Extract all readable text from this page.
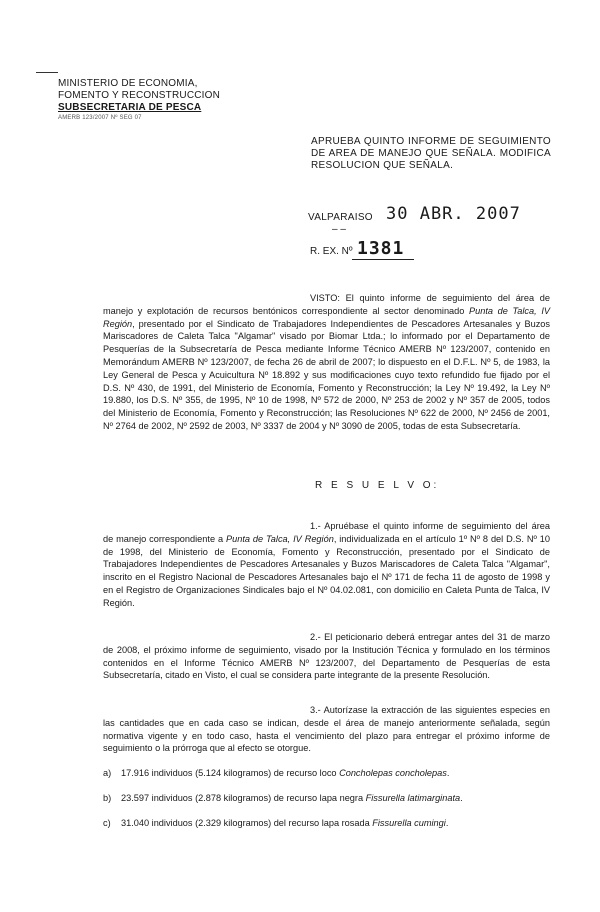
MINISTERIO DE ECONOMIA,
FOMENTO Y RECONSTRUCCION
SUBSECRETARIA DE PESCA
AMERB 123/2007 Nº SEG 07
APRUEBA QUINTO INFORME DE SEGUIMIENTO DE AREA DE MANEJO QUE SEÑALA. MODIFICA RESOLUCION QUE SEÑALA.
VALPARAISO 30 ABR. 2007
– –
R. EX. Nº 1381

VISTO: El quinto informe de seguimiento del área de manejo y explotación de recursos bentónicos correspondiente al sector denominado Punta de Talca, IV Región, presentado por el Sindicato de Trabajadores Independientes de Pescadores Artesanales y Buzos Mariscadores de Caleta Talca "Algamar" visado por Biomar Ltda.; lo informado por el Departamento de Pesquerías de la Subsecretaría de Pesca mediante Informe Técnico AMERB Nº 123/2007, contenido en Memorándum AMERB Nº 123/2007, de fecha 26 de abril de 2007; lo dispuesto en el D.F.L. Nº 5, de 1983, la Ley General de Pesca y Acuicultura Nº 18.892 y sus modificaciones cuyo texto refundido fue fijado por el D.S. Nº 430, de 1991, del Ministerio de Economía, Fomento y Reconstrucción; la Ley Nº 19.492, la Ley Nº 19.880, los D.S. Nº 355, de 1995, Nº 10 de 1998, Nº 572 de 2000, Nº 253 de 2002 y Nº 357 de 2005, todos del Ministerio de Economía, Fomento y Reconstrucción; las Resoluciones Nº 622 de 2000, Nº 2456 de 2001, Nº 2764 de 2002, Nº 2592 de 2003, Nº 3337 de 2004 y Nº 3090 de 2005, todas de esta Subsecretaría.

R E S U E L V O:

1.- Apruébase el quinto informe de seguimiento del área de manejo correspondiente a Punta de Talca, IV Región, individualizada en el artículo 1º Nº 8 del D.S. Nº 10 de 1998, del Ministerio de Economía, Fomento y Reconstrucción, presentado por el Sindicato de Trabajadores Independientes de Pescadores Artesanales y Buzos Mariscadores de Caleta Talca "Algamar", inscrito en el Registro Nacional de Pescadores Artesanales bajo el Nº 171 de fecha 11 de agosto de 1998 y en el Registro de Organizaciones Sindicales bajo el Nº 04.02.081, con domicilio en Caleta Punta de Talca, IV Región.

2.- El peticionario deberá entregar antes del 31 de marzo de 2008, el próximo informe de seguimiento, visado por la Institución Técnica y formulado en los términos contenidos en el Informe Técnico AMERB Nº 123/2007, del Departamento de Pesquerías de esta Subsecretaría, citado en Visto, el cual se considera parte integrante de la presente Resolución.

3.- Autorízase la extracción de las siguientes especies en las cantidades que en cada caso se indican, desde el área de manejo anteriormente señalada, según normativa vigente y en todo caso, hasta el vencimiento del plazo para entregar el próximo informe de seguimiento o la prórroga que al efecto se otorgue.

a) 17.916 individuos (5.124 kilogramos) de recurso loco Concholepas concholepas.
b) 23.597 individuos (2.878 kilogramos) de recurso lapa negra Fissurella latimarginata.
c) 31.040 individuos (2.329 kilogramos) del recurso lapa rosada Fissurella cumingi.
